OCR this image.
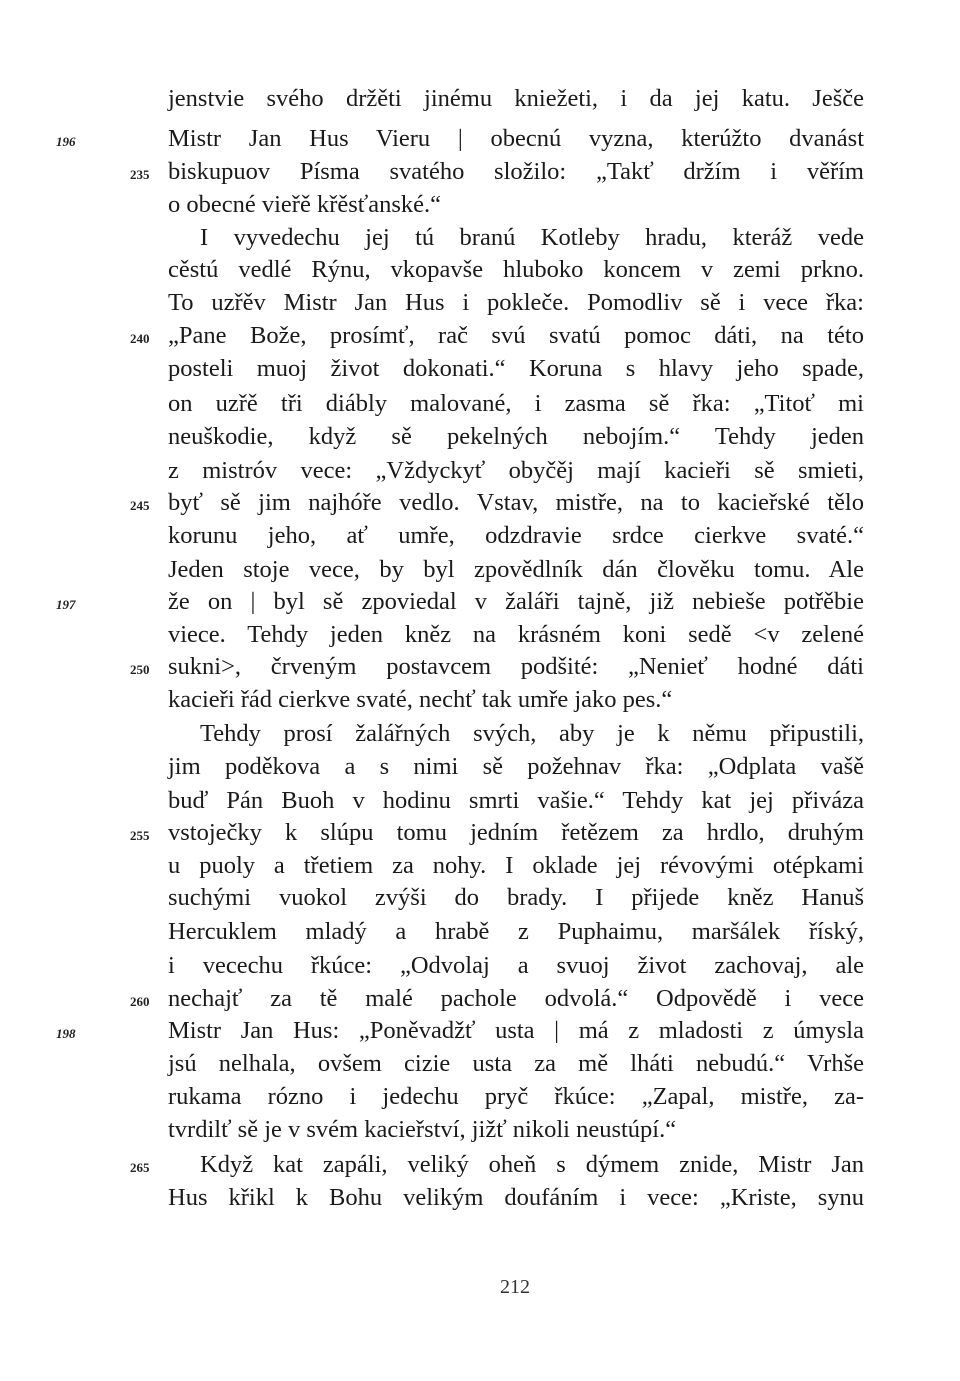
jenstvie svého držěti jinému kniežeti, i da jej katu. Ješče
Mistr Jan Hus Vieru | obecnú vyzna, kterúžto dvanást
biskupuov Písma svatého složilo: „Takť držím i věřím
o obecné vieřě křěsťanské.“
I vyvedechu jej tú branú Kotleby hradu, kteráž vede
cěstú vedlé Rýnu, vkopavše hluboko koncem v zemi prkno.
To uzřěv Mistr Jan Hus i pokleče. Pomodliv sě i vece řka:
„Pane Bože, prosímť, rač svú svatú pomoc dáti, na této
posteli muoj život dokonati.“ Koruna s hlavy jeho spade,
on uzřě tři diábly malované, i zasma sě řka: „Titoť mi
neuškodie, když sě pekelných nebojím.“ Tehdy jeden
z mistróv vece: „Vždyckyť obyčěj mají kacieři sě smieti,
byť sě jim najhóře vedlo. Vstav, mistře, na to kacieřské tělo
korunu jeho, ať umře, odzdravie srdce cierkve svaté.“
Jeden stoje vece, by byl zpovědlník dán člověku tomu. Ale
že on | byl sě zpoviedal v žaláři tajně, již nebieše potřěbie
viece. Tehdy jeden kněz na krásném koni sedě <v zelené
sukni>, črveným postavcem podšité: „Nenieť hodné dáti
kacieři řád cierkve svaté, nechť tak umře jako pes.“
Tehdy prosí žalářných svých, aby je k němu připustili,
jim poděkova a s nimi sě požehnav řka: „Odplata vašě
buď Pán Buoh v hodinu smrti vašie.“ Tehdy kat jej přiváza
vstoječky k slúpu tomu jedním řetězem za hrdlo, druhým
u puoly a třetiem za nohy. I oklade jej révovými otépkami
suchými vuokol zvýši do brady. I přijede kněz Hanuš
Hercuklem mladý a hrabě z Puphaimu, maršálek říský,
i vecechu řkúce: „Odvolaj a svuoj život zachovaj, ale
nechajť za tě malé pachole odvolá.“ Odpovědě i vece
Mistr Jan Hus: „Poněvadžť usta | má z mladosti z úmysla
jsú nelhala, ovšem cizie usta za mě lháti nebudú.“ Vrhše
rukama rózno i jedechu pryč řkúce: „Zapal, mistře, za-
tvrdilť sě je v svém kacieřství, jižť nikoli neustúpí.“
Když kat zapáli, veliký oheň s dýmem znide, Mistr Jan
Hus křikl k Bohu velikým doufáním i vece: „Kriste, synu
235
240
245
250
255
260
265
196
197
198
212
